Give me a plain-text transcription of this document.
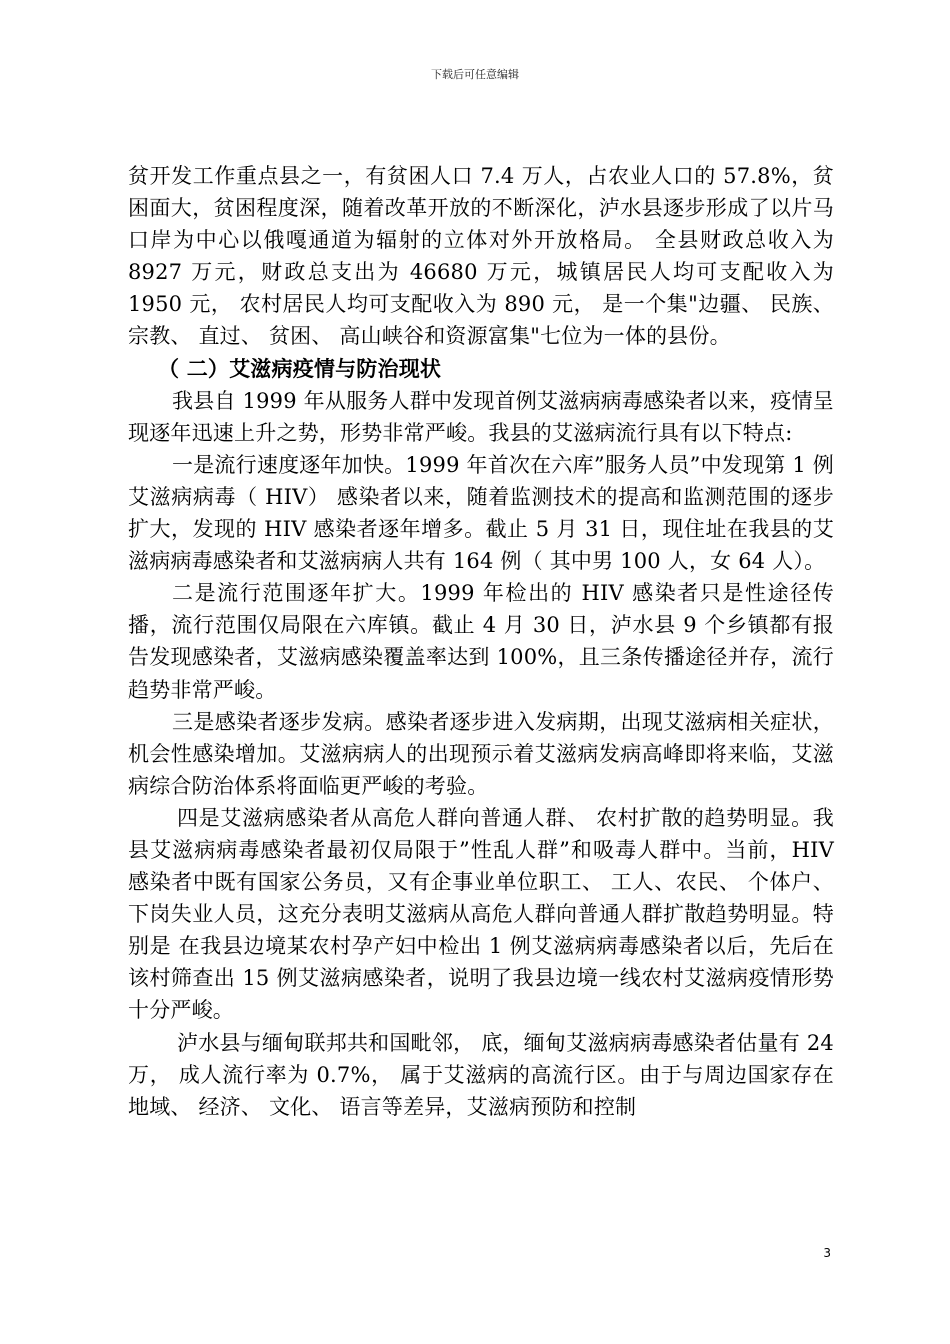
下载后可任意编辑

贫开发工作重点县之一，有贫困人口 7.4 万人，占农业人口的 57.8%，贫困面大，贫困程度深，随着改革开放的不断深化，泸水县逐步形成了以片马口岸为中心以俄嘎通道为辐射的立体对外开放格局。 全县财政总收入为 8927 万元，财政总支出为 46680 万元，城镇居民人均可支配收入为 1950 元， 农村居民人均可支配收入为 890 元， 是一个集"边疆、 民族、 宗教、 直过、 贫困、 高山峡谷和资源富集"七位为一体的县份。

（ 二）艾滋病疫情与防治现状

我县自 1999 年从服务人群中发现首例艾滋病病毒感染者以来，疫情呈现逐年迅速上升之势，形势非常严峻。我县的艾滋病流行具有以下特点:

一是流行速度逐年加快。1999 年首次在六库”服务人员”中发现第 1 例艾滋病病毒（ HIV） 感染者以来，随着监测技术的提高和监测范围的逐步扩大，发现的 HIV 感染者逐年增多。截止 5 月 31 日，现住址在我县的艾滋病病毒感染者和艾滋病病人共有 164 例（ 其中男 100 人，女 64 人）。

二是流行范围逐年扩大。1999 年检出的 HIV 感染者只是性途径传播，流行范围仅局限在六库镇。截止 4 月 30 日，泸水县 9 个乡镇都有报告发现感染者，艾滋病感染覆盖率达到 100%，且三条传播途径并存，流行趋势非常严峻。

三是感染者逐步发病。感染者逐步进入发病期，出现艾滋病相关症状，机会性感染增加。艾滋病病人的出现预示着艾滋病发病高峰即将来临，艾滋病综合防治体系将面临更严峻的考验。

四是艾滋病感染者从高危人群向普通人群、 农村扩散的趋势明显。我县艾滋病病毒感染者最初仅局限于”性乱人群”和吸毒人群中。当前，HIV 感染者中既有国家公务员，又有企事业单位职工、 工人、农民、 个体户、 下岗失业人员，这充分表明艾滋病从高危人群向普通人群扩散趋势明显。特别是 在我县边境某农村孕产妇中检出 1 例艾滋病病毒感染者以后，先后在该村筛查出 15 例艾滋病感染者，说明了我县边境一线农村艾滋病疫情形势十分严峻。

泸水县与缅甸联邦共和国毗邻， 底，缅甸艾滋病病毒感染者估量有 24 万， 成人流行率为 0.7%， 属于艾滋病的高流行区。由于与周边国家存在地域、 经济、 文化、 语言等差异，艾滋病预防和控制

3
